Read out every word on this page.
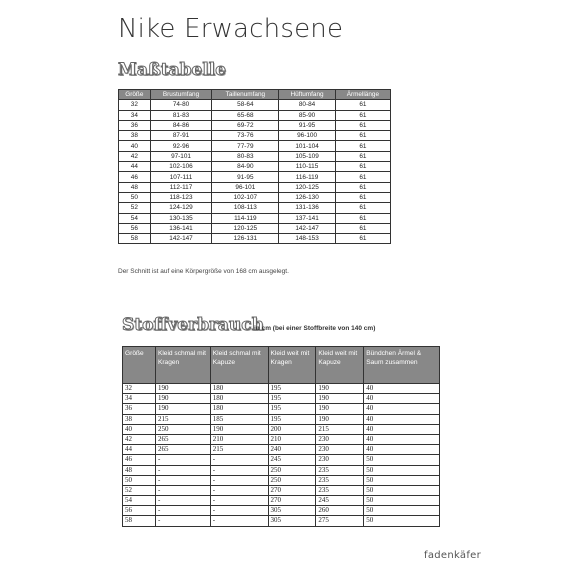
Nike Erwachsene
Maßtabelle
Größe	Brustumfang	Taillenumfang	Hüftumfang	Ärmellänge
32	74-80	58-64	80-84	61
34	81-83	65-68	85-90	61
36	84-86	69-72	91-95	61
38	87-91	73-76	96-100	61
40	92-96	77-79	101-104	61
42	97-101	80-83	105-109	61
44	102-106	84-90	110-115	61
46	107-111	91-95	116-119	61
48	112-117	96-101	120-125	61
50	118-123	102-107	126-130	61
52	124-129	108-113	131-136	61
54	130-135	114-119	137-141	61
56	136-141	120-125	142-147	61
58	142-147	126-131	148-153	61
Der Schnitt ist auf eine Körpergröße von 168 cm ausgelegt.
Stoffverbrauch
in cm (bei einer Stoffbreite von 140 cm)
Größe	Kleid schmal mit Kragen	Kleid schmal mit Kapuze	Kleid weit mit Kragen	Kleid weit mit Kapuze	Bündchen Ärmel & Saum zusammen
32	190	180	195	190	40
34	190	180	195	190	40
36	190	180	195	190	40
38	215	185	195	190	40
40	250	190	200	215	40
42	265	210	210	230	40
44	265	215	240	230	40
46	-	-	245	230	50
48	-	-	250	235	50
50	-	-	250	235	50
52	-	-	270	235	50
54	-	-	270	245	50
56	-	-	305	260	50
58	-	-	305	275	50
fadenkäfer
